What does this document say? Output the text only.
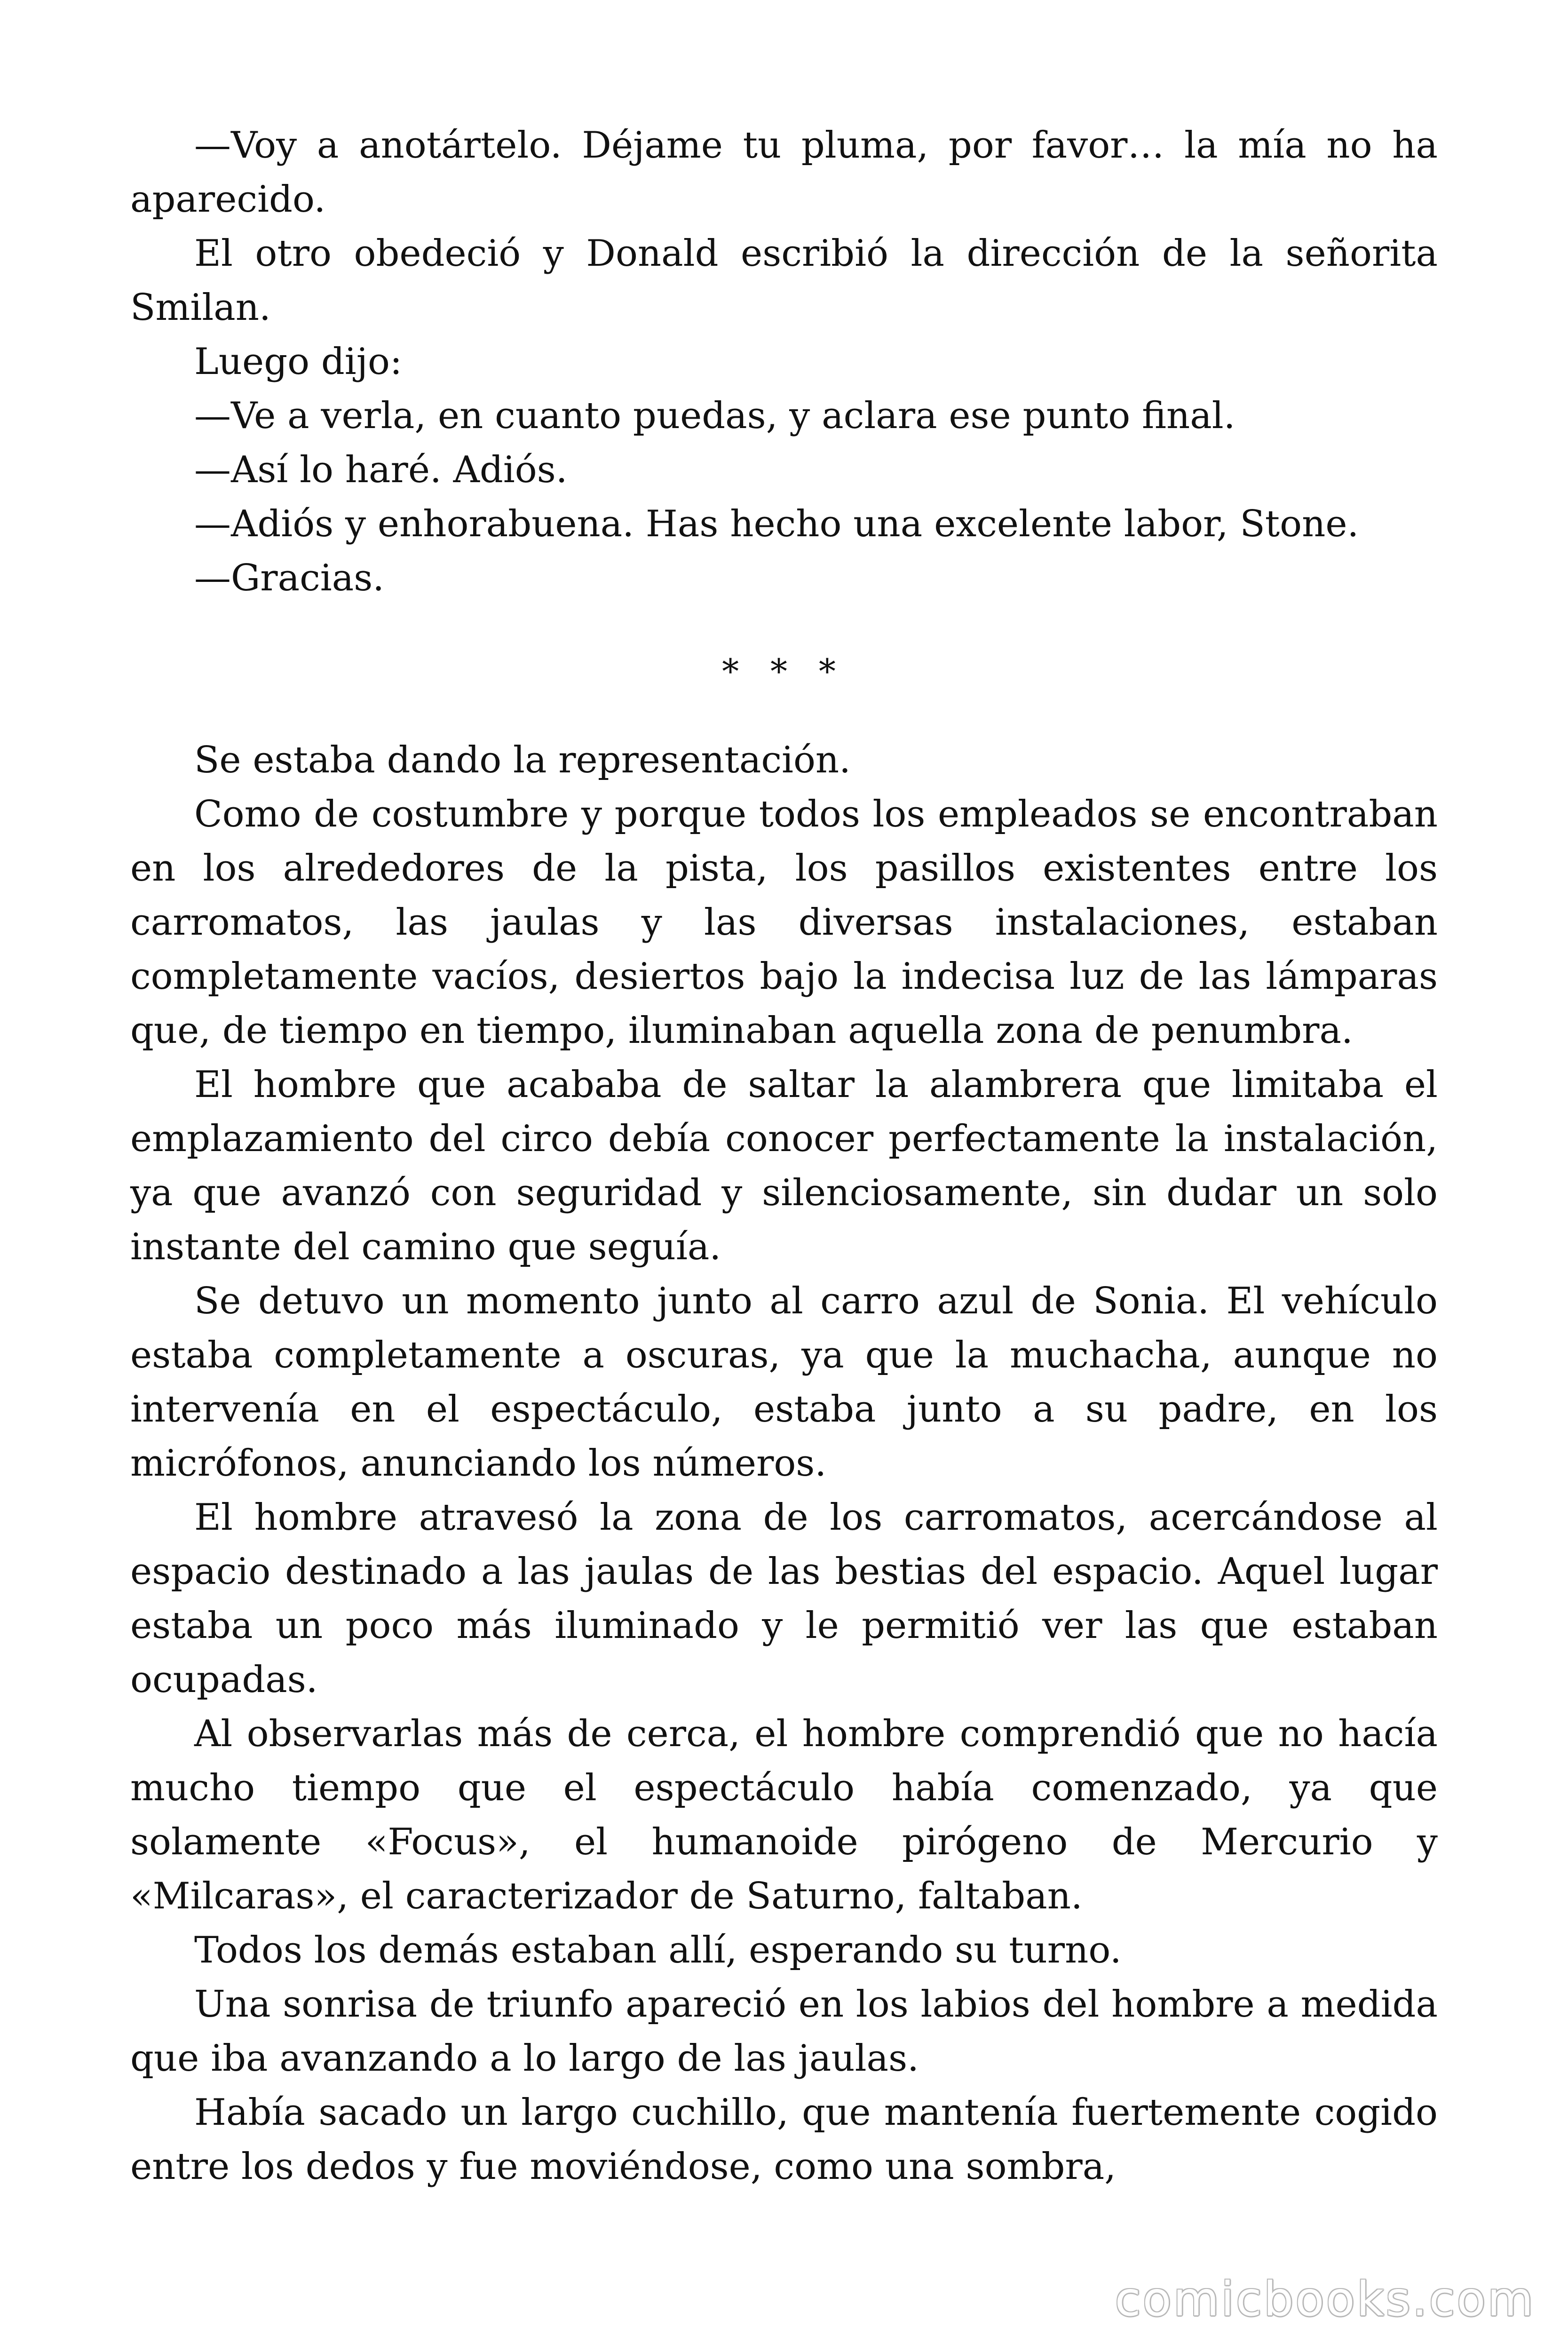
—Voy a anotártelo. Déjame tu pluma, por favor… la mía no ha aparecido.

El otro obedeció y Donald escribió la dirección de la señorita Smilan.

Luego dijo:

—Ve a verla, en cuanto puedas, y aclara ese punto final.

—Así lo haré. Adiós.

—Adiós y enhorabuena. Has hecho una excelente labor, Stone.

—Gracias.

* * *

Se estaba dando la representación.

Como de costumbre y porque todos los empleados se encontraban en los alrededores de la pista, los pasillos existentes entre los carromatos, las jaulas y las diversas instalaciones, estaban completamente vacíos, desiertos bajo la indecisa luz de las lámparas que, de tiempo en tiempo, iluminaban aquella zona de penumbra.

El hombre que acababa de saltar la alambrera que limitaba el emplazamiento del circo debía conocer perfectamente la instalación, ya que avanzó con seguridad y silenciosamente, sin dudar un solo instante del camino que seguía.

Se detuvo un momento junto al carro azul de Sonia. El vehículo estaba completamente a oscuras, ya que la muchacha, aunque no intervenía en el espectáculo, estaba junto a su padre, en los micrófonos, anunciando los números.

El hombre atravesó la zona de los carromatos, acercándose al espacio destinado a las jaulas de las bestias del espacio. Aquel lugar estaba un poco más iluminado y le permitió ver las que estaban ocupadas.

Al observarlas más de cerca, el hombre comprendió que no hacía mucho tiempo que el espectáculo había comenzado, ya que solamente «Focus», el humanoide pirógeno de Mercurio y «Milcaras», el caracterizador de Saturno, faltaban.

Todos los demás estaban allí, esperando su turno.

Una sonrisa de triunfo apareció en los labios del hombre a medida que iba avanzando a lo largo de las jaulas.

Había sacado un largo cuchillo, que mantenía fuertemente cogido entre los dedos y fue moviéndose, como una sombra,

comicbooks.com
